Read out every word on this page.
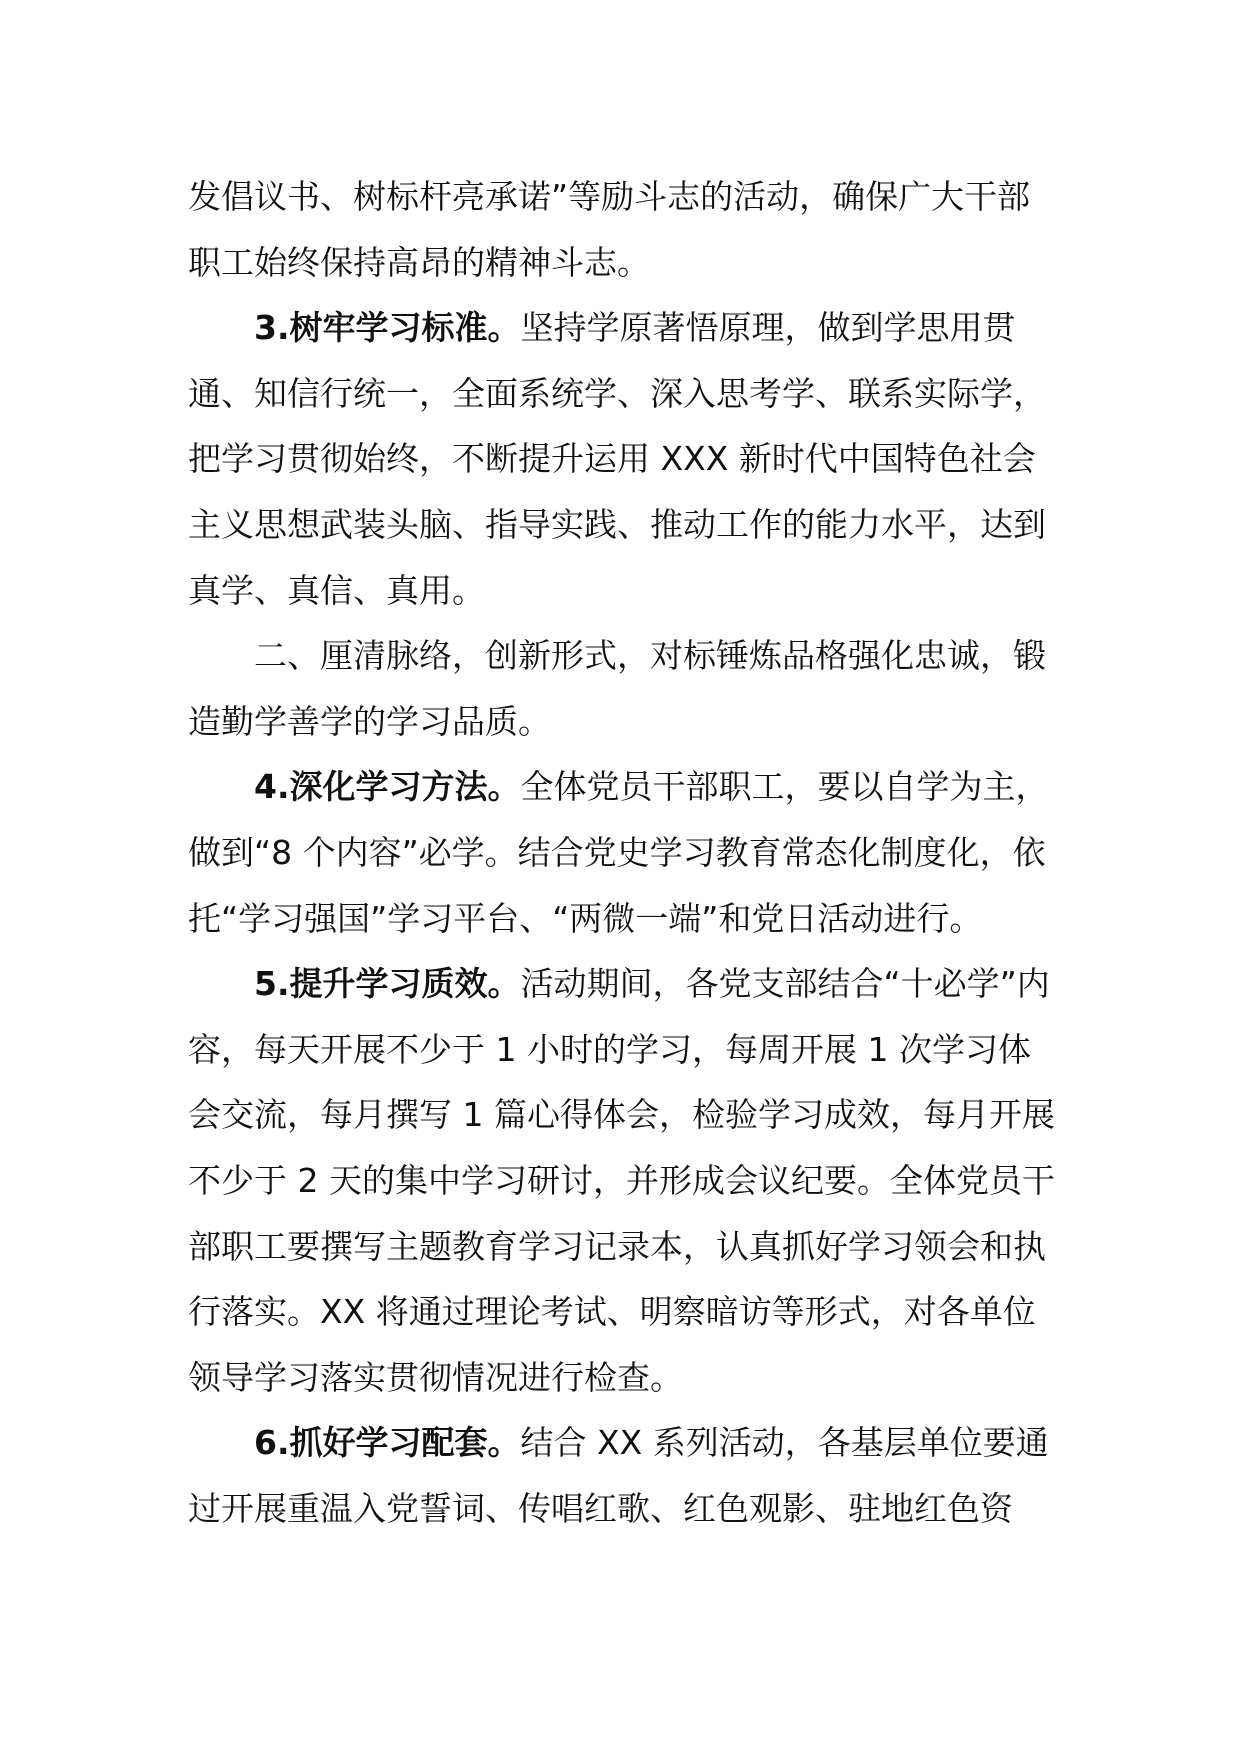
发倡议书、树标杆亮承诺”等励斗志的活动，确保广大干部职工始终保持高昂的精神斗志。

3.树牢学习标准。坚持学原著悟原理，做到学思用贯通、知信行统一，全面系统学、深入思考学、联系实际学，把学习贯彻始终，不断提升运用 XXX 新时代中国特色社会主义思想武装头脑、指导实践、推动工作的能力水平，达到真学、真信、真用。

二、厘清脉络，创新形式，对标锤炼品格强化忠诚，锻造勤学善学的学习品质。

4.深化学习方法。全体党员干部职工，要以自学为主，做到“8 个内容”必学。结合党史学习教育常态化制度化，依托“学习强国”学习平台、“两微一端”和党日活动进行。

5.提升学习质效。活动期间，各党支部结合“十必学”内容，每天开展不少于 1 小时的学习，每周开展 1 次学习体会交流，每月撰写 1 篇心得体会，检验学习成效，每月开展不少于 2 天的集中学习研讨，并形成会议纪要。全体党员干部职工要撰写主题教育学习记录本，认真抓好学习领会和执行落实。XX 将通过理论考试、明察暗访等形式，对各单位领导学习落实贯彻情况进行检查。

6.抓好学习配套。结合 XX 系列活动，各基层单位要通过开展重温入党誓词、传唱红歌、红色观影、驻地红色资
